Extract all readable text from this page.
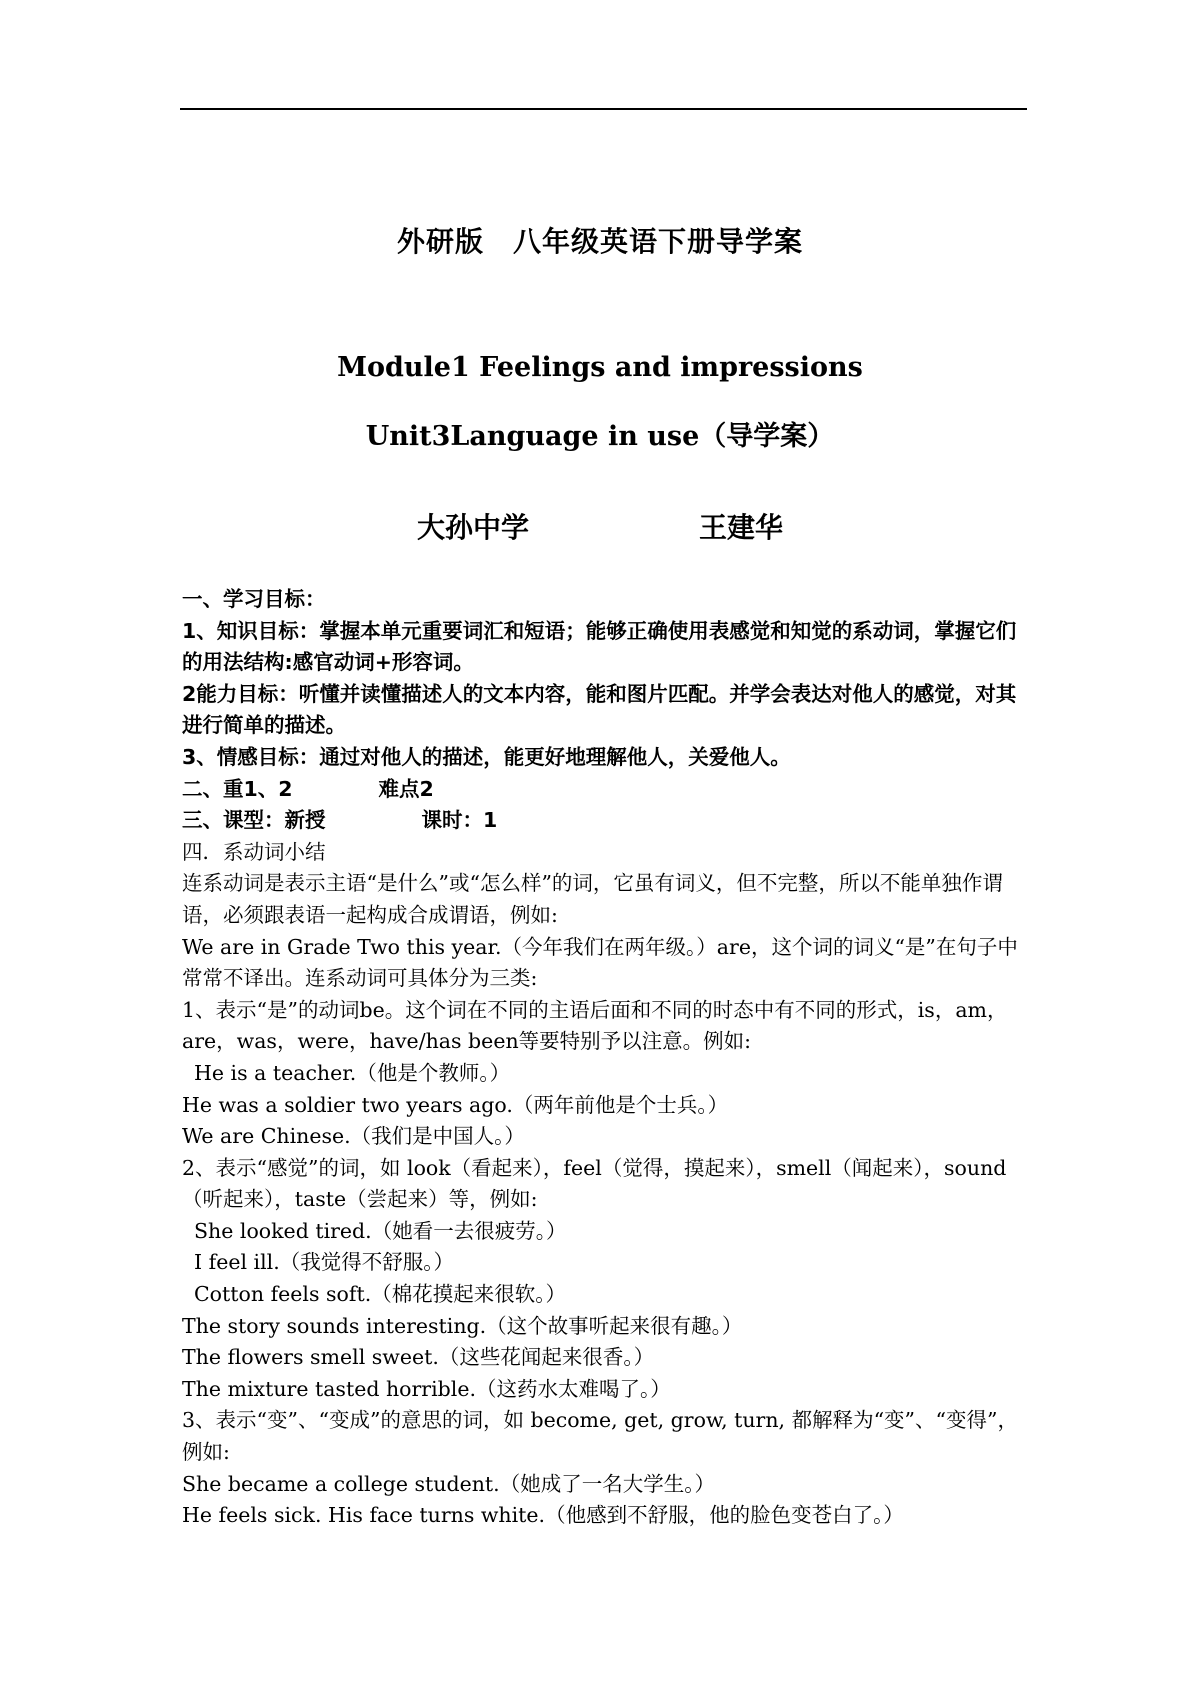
外研版　八年级英语下册导学案
Module1 Feelings and impressions
Unit3Language in use（导学案）
大孙中学	王建华

一、学习目标：

1、知识目标：掌握本单元重要词汇和短语；能够正确使用表感觉和知觉的系动词，掌握它们的用法结构:感官动词+形容词。

2能力目标：听懂并读懂描述人的文本内容，能和图片匹配。并学会表达对他人的感觉，对其进行简单的描述。

3、情感目标：通过对他人的描述，能更好地理解他人，关爱他人。

二、重1、2	难点2

三、课型：新授	课时：1

四．系动词小结

连系动词是表示主语“是什么”或“怎么样”的词，它虽有词义，但不完整，所以不能单独作谓语，必须跟表语一起构成合成谓语，例如:

We are in Grade Two this year.（今年我们在两年级。）are，这个词的词义“是”在句子中常常不译出。连系动词可具体分为三类:

1、表示“是”的动词be。这个词在不同的主语后面和不同的时态中有不同的形式，is，am，are，was，were，have/has been等要特别予以注意。例如:

He is a teacher.（他是个教师。）

He was a soldier two years ago.（两年前他是个士兵。）

We are Chinese.（我们是中国人。）

2、表示“感觉”的词，如 look（看起来），feel（觉得，摸起来），smell（闻起来），sound（听起来），taste（尝起来）等，例如:

She looked tired.（她看一去很疲劳。）

I feel ill.（我觉得不舒服。）

Cotton feels soft.（棉花摸起来很软。）

The story sounds interesting.（这个故事听起来很有趣。）

The flowers smell sweet.（这些花闻起来很香。）

The mixture tasted horrible.（这药水太难喝了。）

3、表示“变”、“变成”的意思的词，如 become, get, grow, turn, 都解释为“变”、“变得”，例如:

She became a college student.（她成了一名大学生。）

He feels sick. His face turns white.（他感到不舒服，他的脸色变苍白了。）
